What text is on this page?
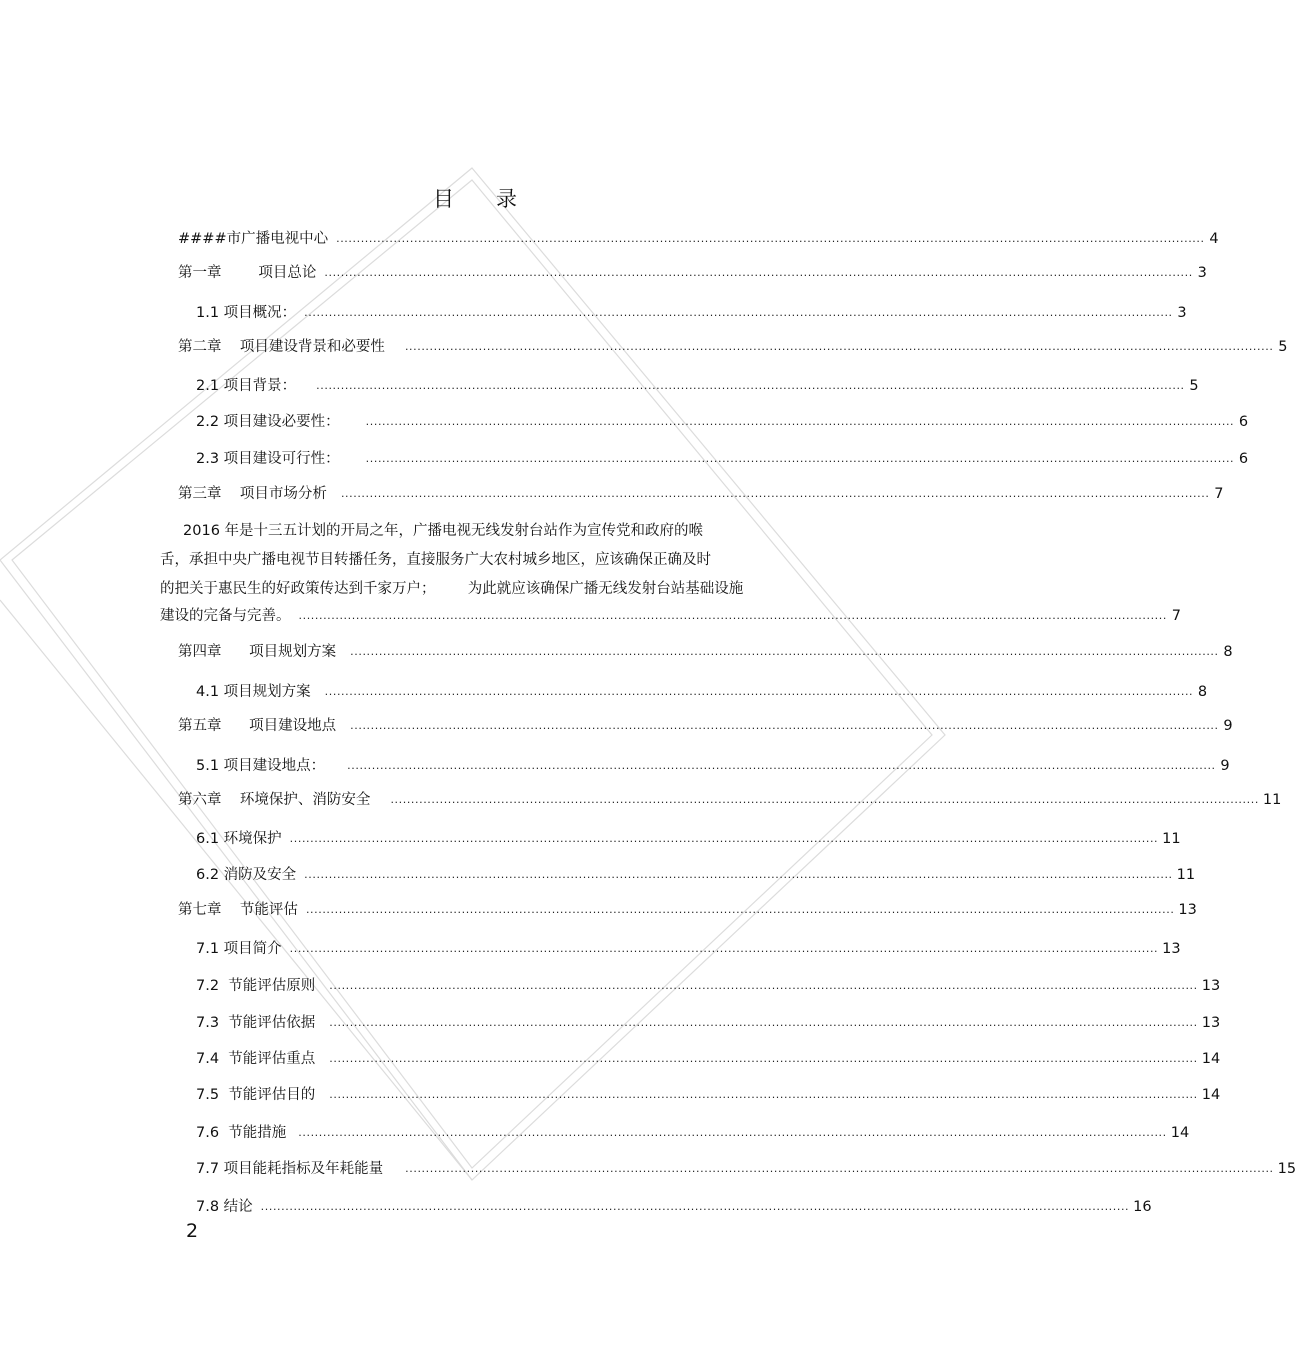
目 录
####市广播电视中心 .................................................................................................................................................................................................................... 4
第一章        项目总论 .................................................................................................................................................................................................................... 3
1.1 项目概况： .................................................................................................................................................................................................................... 3
第二章    项目建设背景和必要性 .................................................................................................................................................................................................................... 5
2.1 项目背景： .................................................................................................................................................................................................................... 5
2.2 项目建设必要性： .................................................................................................................................................................................................................... 6
2.3 项目建设可行性： .................................................................................................................................................................................................................... 6
第三章    项目市场分析 .................................................................................................................................................................................................................... 7
2016 年是十三五计划的开局之年，广播电视无线发射台站作为宣传党和政府的喉
舌，承担中央广播电视节目转播任务，直接服务广大农村城乡地区，应该确保正确及时
的把关于惠民生的好政策传达到千家万户；       为此就应该确保广播无线发射台站基础设施
建设的完备与完善。 .................................................................................................................................................................................................................... 7
第四章      项目规划方案 .................................................................................................................................................................................................................... 8
4.1 项目规划方案 .................................................................................................................................................................................................................... 8
第五章      项目建设地点 .................................................................................................................................................................................................................... 9
5.1 项目建设地点： .................................................................................................................................................................................................................... 9
第六章    环境保护、消防安全 .................................................................................................................................................................................................................... 11
6.1 环境保护 .................................................................................................................................................................................................................... 11
6.2 消防及安全 .................................................................................................................................................................................................................... 11
第七章    节能评估 .................................................................................................................................................................................................................... 13
7.1 项目简介 .................................................................................................................................................................................................................... 13
7.2  节能评估原则 .................................................................................................................................................................................................................... 13
7.3  节能评估依据 .................................................................................................................................................................................................................... 13
7.4  节能评估重点 .................................................................................................................................................................................................................... 14
7.5  节能评估目的 .................................................................................................................................................................................................................... 14
7.6  节能措施 .................................................................................................................................................................................................................... 14
7.7 项目能耗指标及年耗能量 .................................................................................................................................................................................................................... 15
7.8 结论 .................................................................................................................................................................................................................... 16
2
